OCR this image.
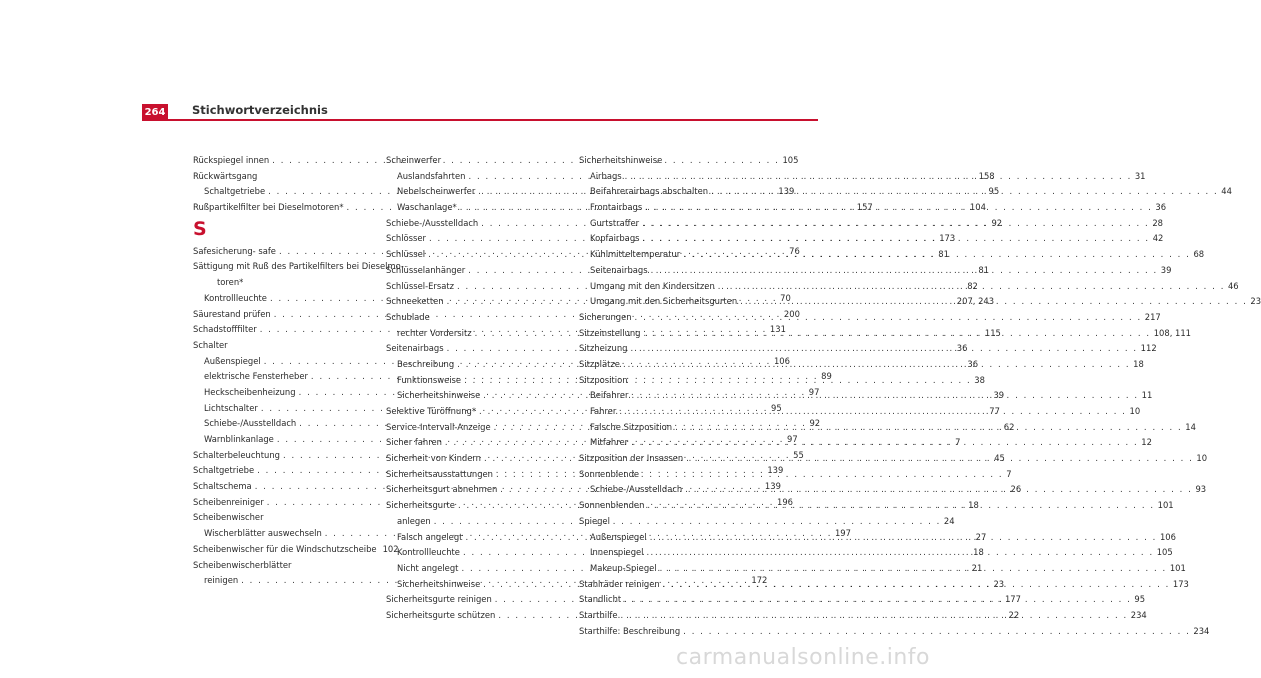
264 Stichwortverzeichnis
Rückspiegel innen . . .	105
Rückwärtsgang
Schaltgetriebe . . .	139
Rußpartikelfilter bei Dieselmotoren* . . .	157
S
Safesicherung- safe . . .	76
Sättigung mit Ruß des Partikelfilters bei Dieselmo-
toren*
Kontrollleuchte . . .	70
Säurestand prüfen . . .	200
Schadstofffilter . . .	131
Schalter
Außenspiegel . . .	106
elektrische Fensterheber . . .	89
Heckscheibenheizung . . .	97
Lichtschalter . . .	95
Schiebe-/Ausstelldach . . .	92
Warnblinkanlage . . .	97
Schalterbeleuchtung . . .	55
Schaltgetriebe . . .	139
Schaltschema . . .	139
Scheibenreiniger . . .	196
Scheibenwischer
Wischerblätter auswechseln . . .	197
Scheibenwischer für die Windschutzscheibe 102
Scheibenwischerblätter
reinigen . . .	172
Scheinwerfer
Auslandsfahrten . . .	158
Nebelscheinwerfer . . .	95
Waschanlage* . . .	104
Schiebe-/Ausstelldach . . .	92
Schlösser . . .	173
Schlüssel . . .	81
Schlüsselanhänger . . .	81
Schlüssel-Ersatz . . .	82
Schneeketten . . .	207, 243
Schublade
rechter Vordersitz . . .	115
Seitenairbags . . .	36
Beschreibung . . .	36
Funktionsweise . . .	38
Sicherheitshinweise . . .	39
Selektive Türöffnung* . . .	77
Service-Intervall-Anzeige . . .	62
Sicher fahren . . .	7
Sicherheit von Kindern . . .	45
Sicherheitsausstattungen . . .	7
Sicherheitsgurt abnehmen . . .	26
Sicherheitsgurte . . .	18
anlegen . . .	24
Falsch angelegt . . .	27
Kontrollleuchte . . .	18
Nicht angelegt . . .	21
Sicherheitshinweise . . .	23
Sicherheitsgurte reinigen . . .	177
Sicherheitsgurte schützen . . .	22
Sicherheitshinweise
Airbags . . .	31
Beifahrerairbags abschalten . . .	44
Frontairbags . . .	36
Gurtstraffer . . .	28
Kopfairbags . . .	42
Kühlmitteltemperatur . . .	68
Seitenairbags . . .	39
Umgang mit den Kindersitzen . . .	46
Umgang mit den Sicherheitsgurten . . .	23
Sicherungen . . .	217
Sitzeinstellung . . .	108, 111
Sitzheizung . . .	112
Sitzplätze . . .	18
Sitzposition
Beifahrer . . .	11
Fahrer . . .	10
Falsche Sitzposition . . .	14
Mitfahrer . . .	12
Sitzposition der Insassen . . .	10
Sonnenblende
Schiebe-/Ausstelldach . . .	93
Sonnenblenden . . .	101
Spiegel
Außenspiegel . . .	106
Innenspiegel . . .	105
Makeup-Spiegel . . .	101
Stahlräder reinigen . . .	173
Standlicht . . .	95
Starthilfe . . .	234
Starthilfe: Beschreibung . . .	234
carmanualsonline.info
